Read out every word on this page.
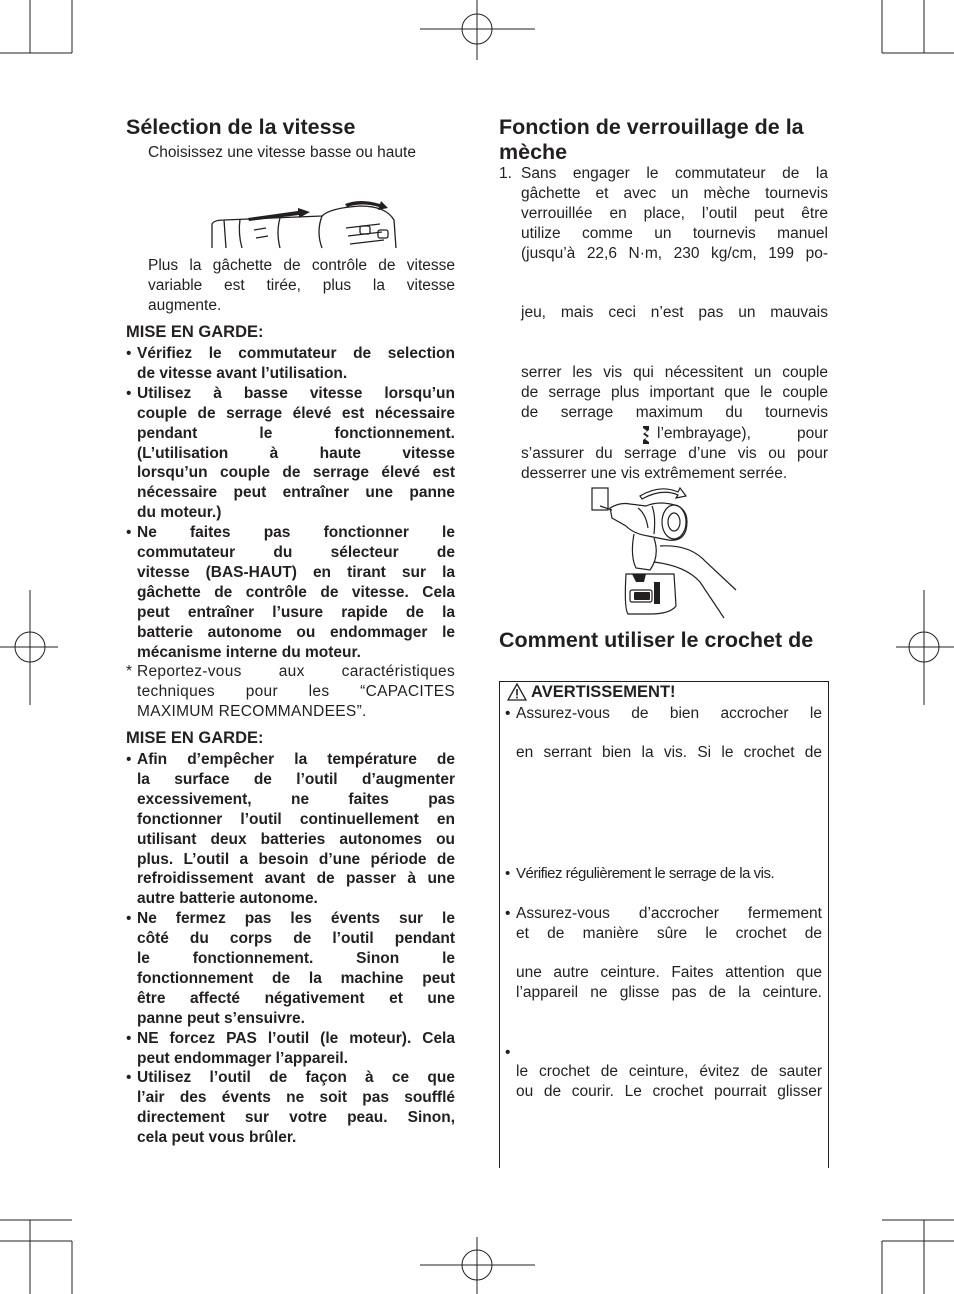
Sélection de la vitesse
Choisissez une vitesse basse ou haute
Plus la gâchette de contrôle de vitesse
variable est tirée, plus la vitesse
augmente.
MISE EN GARDE:
• Vérifiez le commutateur de selection
de vitesse avant l’utilisation.
• Utilisez à basse vitesse lorsqu’un
couple de serrage élevé est nécessaire
pendant le fonctionnement.
(L’utilisation à haute vitesse
lorsqu’un couple de serrage élevé est
nécessaire peut entraîner une panne
du moteur.)
• Ne faites pas fonctionner le
commutateur du sélecteur de
vitesse (BAS-HAUT) en tirant sur la
gâchette de contrôle de vitesse. Cela
peut entraîner l’usure rapide de la
batterie autonome ou endommager le
mécanisme interne du moteur.
* Reportez-vous aux caractéristiques
techniques pour les “CAPACITES
MAXIMUM RECOMMANDEES”.
MISE EN GARDE:
• Afin d’empêcher la température de
la surface de l’outil d’augmenter
excessivement, ne faites pas
fonctionner l’outil continuellement en
utilisant deux batteries autonomes ou
plus. L’outil a besoin d’une période de
refroidissement avant de passer à une
autre batterie autonome.
• Ne fermez pas les évents sur le
côté du corps de l’outil pendant
le fonctionnement. Sinon le
fonctionnement de la machine peut
être affecté négativement et une
panne peut s’ensuivre.
• NE forcez PAS l’outil (le moteur). Cela
peut endommager l’appareil.
• Utilisez l’outil de façon à ce que
l’air des évents ne soit pas soufflé
directement sur votre peau. Sinon,
cela peut vous brûler.
Fonction de verrouillage de la
mèche
1. Sans engager le commutateur de la
gâchette et avec un mèche tournevis
verrouillée en place, l’outil peut être
utilize comme un tournevis manuel
(jusqu’à 22,6 N·m, 230 kg/cm, 199 po-
jeu, mais ceci n’est pas un mauvais
serrer les vis qui nécessitent un couple
de serrage plus important que le couple
de serrage maximum du tournevis
l’embrayage), pour
s’assurer du serrage d’une vis ou pour
desserrer une vis extrêmement serrée.
Comment utiliser le crochet de
AVERTISSEMENT!
• Assurez-vous de bien accrocher le
en serrant bien la vis. Si le crochet de
• Vérifiez régulièrement le serrage de la vis.
• Assurez-vous d’accrocher fermement
et de manière sûre le crochet de
une autre ceinture. Faites attention que
l’appareil ne glisse pas de la ceinture.
•
le crochet de ceinture, évitez de sauter
ou de courir. Le crochet pourrait glisser
